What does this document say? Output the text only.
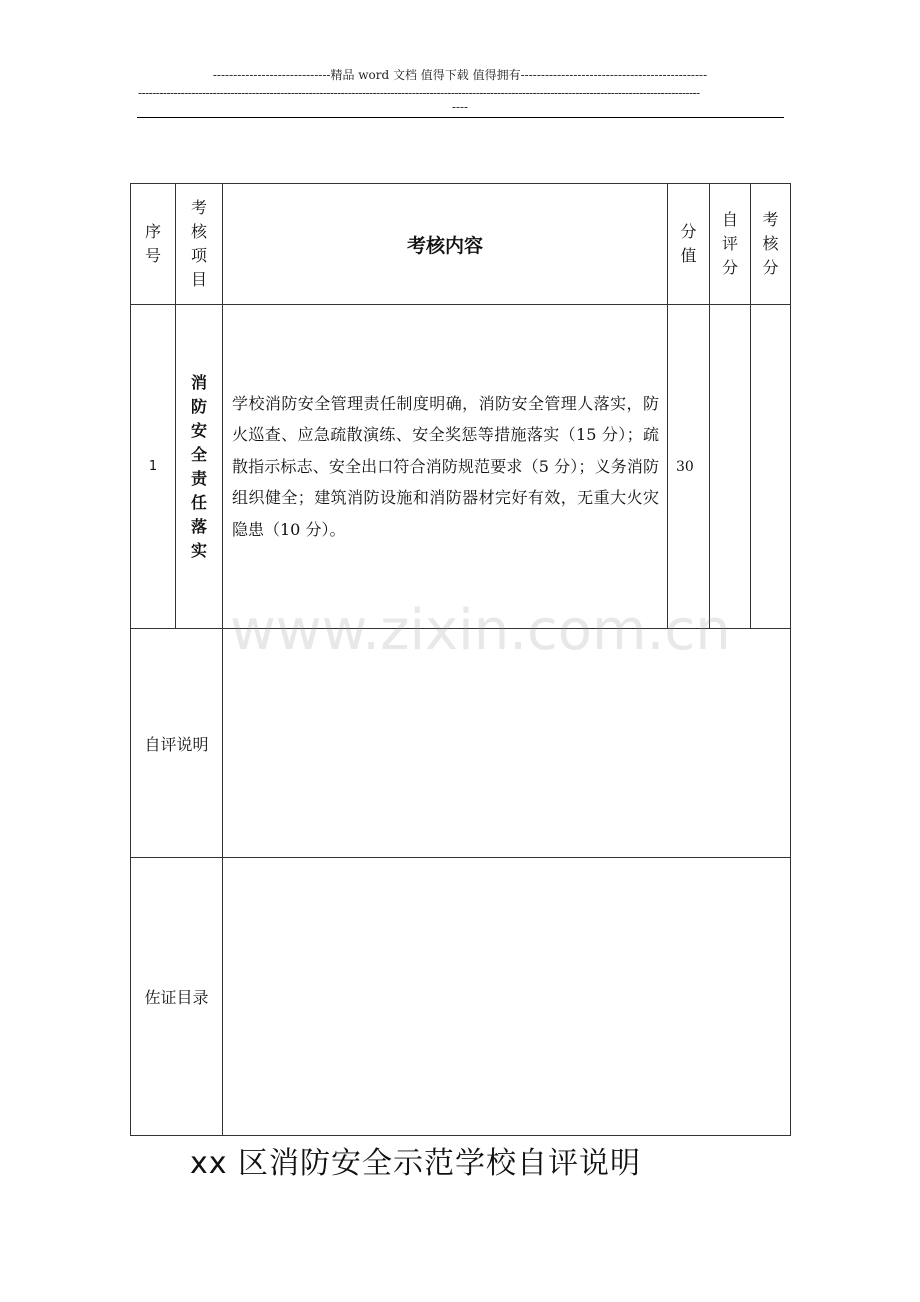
-----------------------------精品 word 文档 值得下载 值得拥有----------------------------------------------
--------------------------------------------------------------------------------------------------------------------------------------------------------------
----
序号	考核项目	考核内容	分值	自评分	考核分

1	消防安全责任落实	学校消防安全管理责任制度明确，消防安全管理人落实，防火巡查、应急疏散演练、安全奖惩等措施落实（15 分）；疏散指示标志、安全出口符合消防规范要求（5 分）；义务消防组织健全；建筑消防设施和消防器材完好有效，无重大火灾隐患（10 分）。	30		

自评说明					

佐证目录					

www.zixin.com.cn
xx 区消防安全示范学校自评说明
